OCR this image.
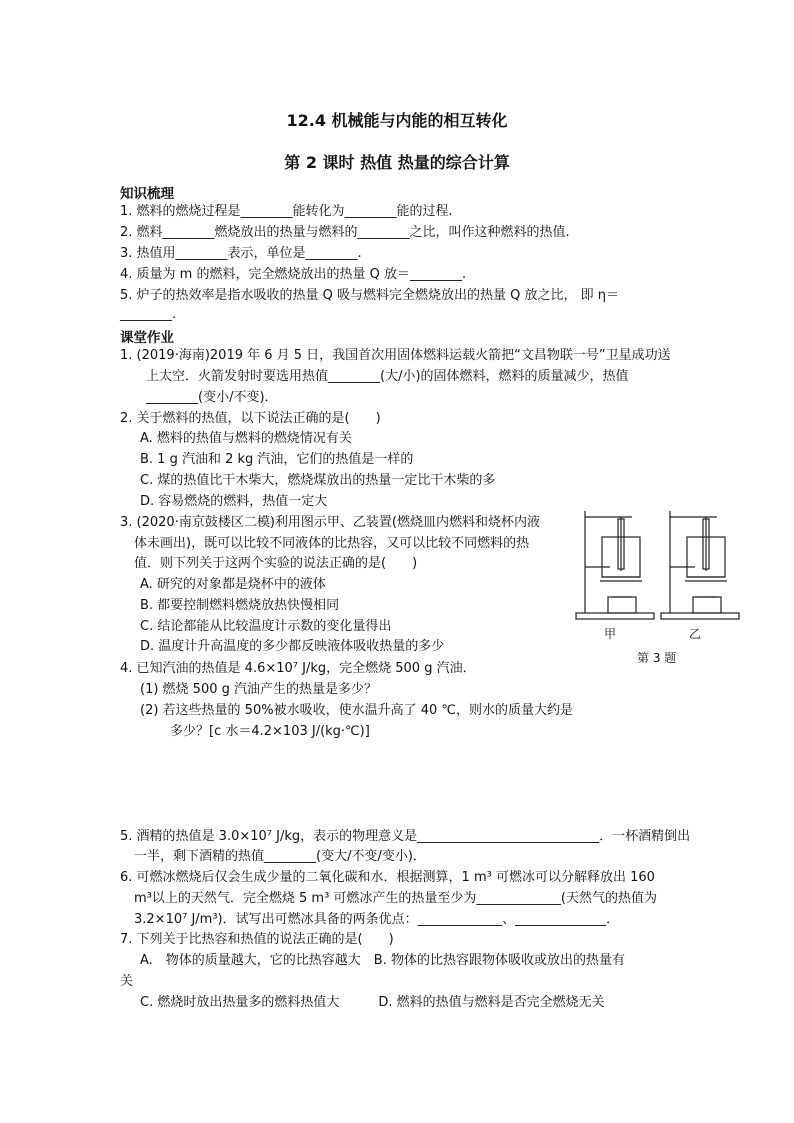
12.4 机械能与内能的相互转化
第 2 课时 热值 热量的综合计算
知识梳理
1. 燃料的燃烧过程是________能转化为________能的过程.
2. 燃料________燃烧放出的热量与燃料的________之比，叫作这种燃料的热值.
3. 热值用________表示，单位是________.
4. 质量为 m 的燃料，完全燃烧放出的热量 Q 放＝________.
5. 炉子的热效率是指水吸收的热量 Q 吸与燃料完全燃烧放出的热量 Q 放之比， 即 η＝
________.
课堂作业
1. (2019·海南)2019 年 6 月 5 日，我国首次用固体燃料运载火箭把“文昌物联一号”卫星成功送
上太空．火箭发射时要选用热值________(大/小)的固体燃料，燃料的质量减少，热值
________(变小/不变)．
2. 关于燃料的热值，以下说法正确的是(　　)
A. 燃料的热值与燃料的燃烧情况有关
B. 1 g 汽油和 2 kg 汽油，它们的热值是一样的
C. 煤的热值比干木柴大，燃烧煤放出的热量一定比干木柴的多
D. 容易燃烧的燃料，热值一定大
3. (2020·南京鼓楼区二模)利用图示甲、乙装置(燃烧皿内燃料和烧杯内液
体未画出)，既可以比较不同液体的比热容，又可以比较不同燃料的热
值．则下列关于这两个实验的说法正确的是(　　)
A. 研究的对象都是烧杯中的液体
B. 都要控制燃料燃烧放热快慢相同
C. 结论都能从比较温度计示数的变化量得出
D. 温度计升高温度的多少都反映液体吸收热量的多少
4. 已知汽油的热值是 4.6×10⁷ J/kg，完全燃烧 500 g 汽油．
(1) 燃烧 500 g 汽油产生的热量是多少？
(2) 若这些热量的 50%被水吸收，使水温升高了 40 ℃，则水的质量大约是
多少？[c 水＝4.2×103 J/(kg·℃)]
5. 酒精的热值是 3.0×10⁷ J/kg，表示的物理意义是____________________________．一杯酒精倒出
一半，剩下酒精的热值________(变大/不变/变小)．
6. 可燃冰燃烧后仅会生成少量的二氧化碳和水．根据测算，1 m³ 可燃冰可以分解释放出 160
m³以上的天然气．完全燃烧 5 m³ 可燃冰产生的热量至少为_____________(天然气的热值为
3.2×10⁷ J/m³)．试写出可燃冰具备的两条优点：_____________、______________．
7. 下列关于比热容和热值的说法正确的是(　　)
A.　物体的质量越大，它的比热容越大　B. 物体的比热容跟物体吸收或放出的热量有
关
C. 燃烧时放出热量多的燃料热值大　　　D. 燃料的热值与燃料是否完全燃烧无关
甲	乙
第 3 题
